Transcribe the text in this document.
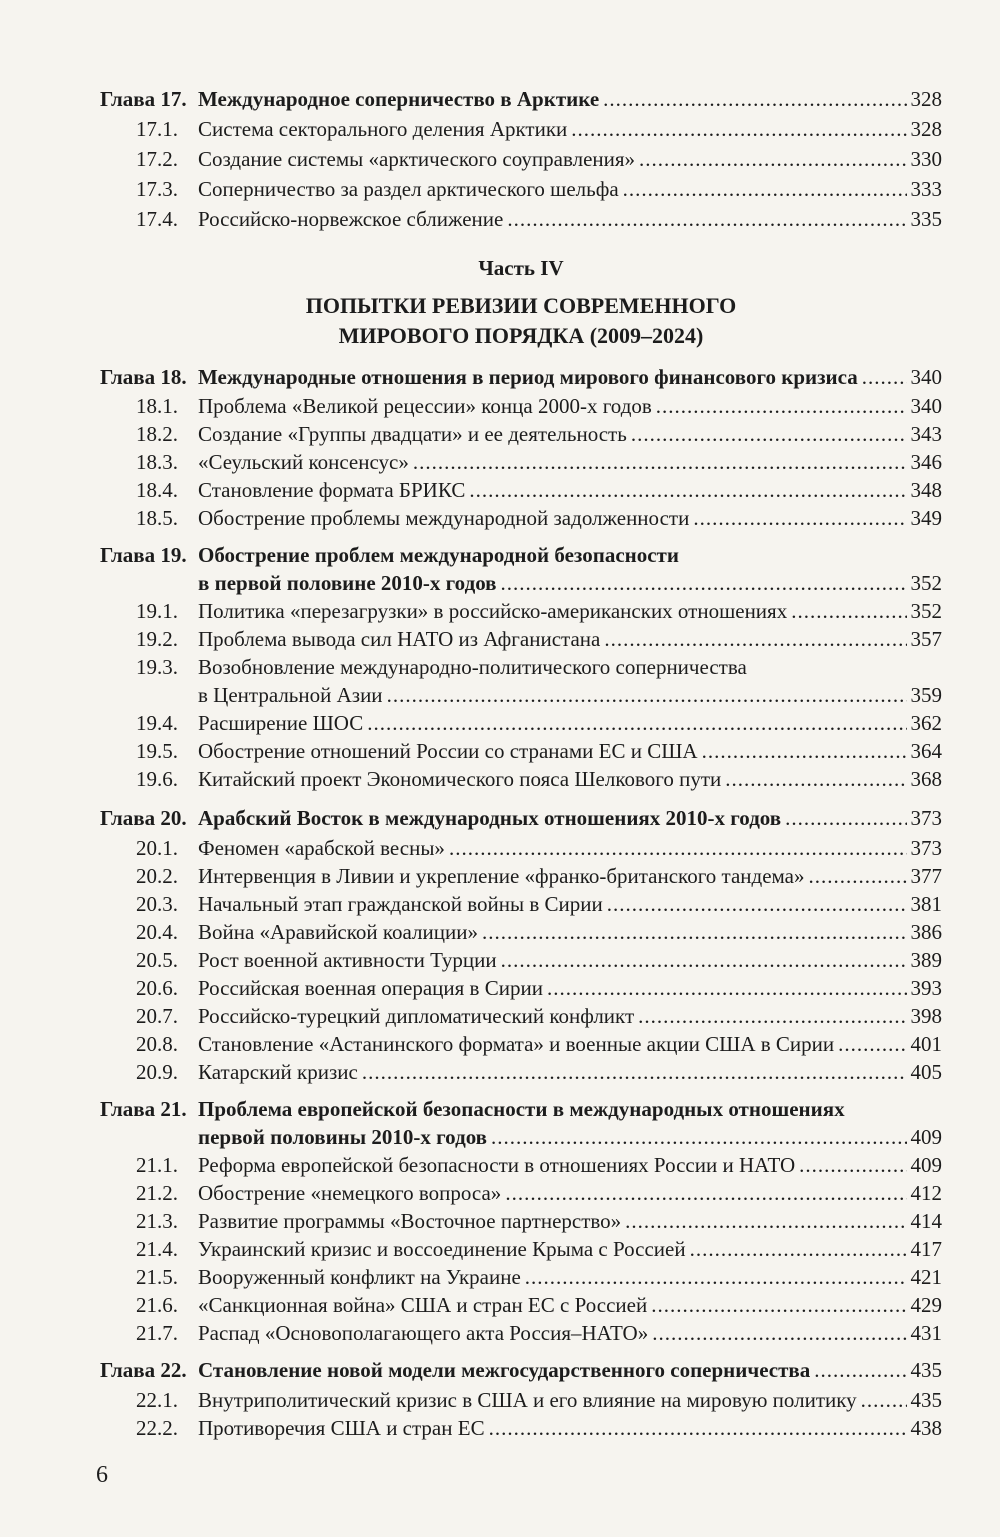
Глава 17. Международное соперничество в Арктике .....	328
17.1. Система секторального деления Арктики .....	328
17.2. Создание системы «арктического соуправления» .....	330
17.3. Соперничество за раздел арктического шельфа .....	333
17.4. Российско-норвежское сближение .....	335
Часть IV
ПОПЫТКИ РЕВИЗИИ СОВРЕМЕННОГО
МИРОВОГО ПОРЯДКА (2009–2024)
Глава 18. Международные отношения в период мирового финансового кризиса .....	340
18.1. Проблема «Великой рецессии» конца 2000-х годов .....	340
18.2. Создание «Группы двадцати» и ее деятельность .....	343
18.3. «Сеульский консенсус» .....	346
18.4. Становление формата БРИКС .....	348
18.5. Обострение проблемы международной задолженности .....	349
Глава 19. Обострение проблем международной безопасности
в первой половине 2010-х годов .....	352
19.1. Политика «перезагрузки» в российско-американских отношениях .....	352
19.2. Проблема вывода сил НАТО из Афганистана .....	357
19.3. Возобновление международно-политического соперничества
в Центральной Азии .....	359
19.4. Расширение ШОС .....	362
19.5. Обострение отношений России со странами ЕС и США .....	364
19.6. Китайский проект Экономического пояса Шелкового пути .....	368
Глава 20. Арабский Восток в международных отношениях 2010-х годов .....	373
20.1. Феномен «арабской весны» .....	373
20.2. Интервенция в Ливии и укрепление «франко-британского тандема» .....	377
20.3. Начальный этап гражданской войны в Сирии .....	381
20.4. Война «Аравийской коалиции» .....	386
20.5. Рост военной активности Турции .....	389
20.6. Российская военная операция в Сирии .....	393
20.7. Российско-турецкий дипломатический конфликт .....	398
20.8. Становление «Астанинского формата» и военные акции США в Сирии .....	401
20.9. Катарский кризис .....	405
Глава 21. Проблема европейской безопасности в международных отношениях
первой половины 2010-х годов .....	409
21.1. Реформа европейской безопасности в отношениях России и НАТО .....	409
21.2. Обострение «немецкого вопроса» .....	412
21.3. Развитие программы «Восточное партнерство» .....	414
21.4. Украинский кризис и воссоединение Крыма с Россией .....	417
21.5. Вооруженный конфликт на Украине .....	421
21.6. «Санкционная война» США и стран ЕС с Россией .....	429
21.7. Распад «Основополагающего акта Россия–НАТО» .....	431
Глава 22. Становление новой модели межгосударственного соперничества .....	435
22.1. Внутриполитический кризис в США и его влияние на мировую политику .....	435
22.2. Противоречия США и стран ЕС .....	438
6
